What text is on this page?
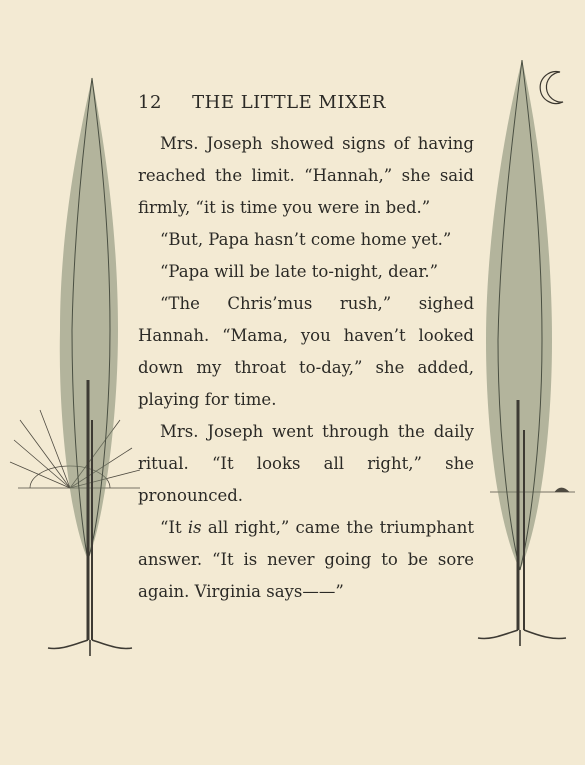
12 THE LITTLE MIXER

Mrs. Joseph showed signs of having reached the limit. “Hannah,” she said firmly, “it is time you were in bed.”

“But, Papa hasn’t come home yet.”

“Papa will be late to-night, dear.”

“The Chris’mus rush,” sighed Hannah. “Mama, you haven’t looked down my throat to-day,” she added, playing for time.

Mrs. Joseph went through the daily ritual. “It looks all right,” she pronounced.

“It is all right,” came the triumphant answer. “It is never going to be sore again. Virginia says——”
